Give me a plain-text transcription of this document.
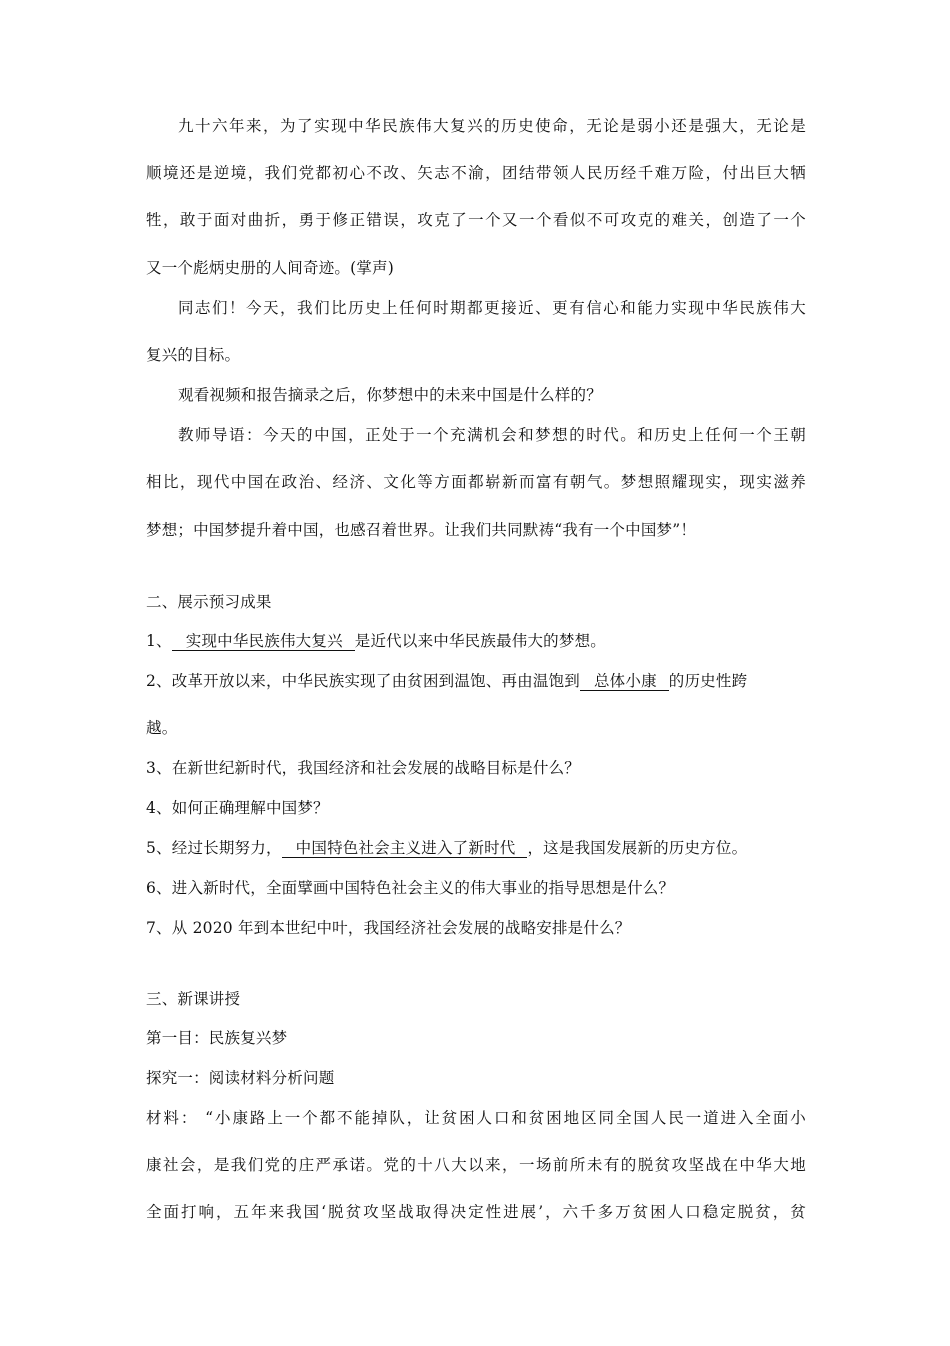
九十六年来，为了实现中华民族伟大复兴的历史使命，无论是弱小还是强大，无论是
顺境还是逆境，我们党都初心不改、矢志不渝，团结带领人民历经千难万险，付出巨大牺
牲，敢于面对曲折，勇于修正错误，攻克了一个又一个看似不可攻克的难关，创造了一个
又一个彪炳史册的人间奇迹。(掌声)
同志们！今天，我们比历史上任何时期都更接近、更有信心和能力实现中华民族伟大
复兴的目标。
观看视频和报告摘录之后，你梦想中的未来中国是什么样的？
教师导语：今天的中国，正处于一个充满机会和梦想的时代。和历史上任何一个王朝
相比，现代中国在政治、经济、文化等方面都崭新而富有朝气。梦想照耀现实，现实滋养
梦想；中国梦提升着中国，也感召着世界。让我们共同默祷“我有一个中国梦”！
二、展示预习成果
1、 实现中华民族伟大复兴 是近代以来中华民族最伟大的梦想。
2、改革开放以来，中华民族实现了由贫困到温饱、再由温饱到 总体小康 的历史性跨
越。
3、在新世纪新时代，我国经济和社会发展的战略目标是什么？
4、如何正确理解中国梦？
5、经过长期努力， 中国特色社会主义进入了新时代 ，这是我国发展新的历史方位。
6、进入新时代，全面擘画中国特色社会主义的伟大事业的指导思想是什么？
7、从 2020 年到本世纪中叶，我国经济社会发展的战略安排是什么？
三、新课讲授
第一目：民族复兴梦
探究一：阅读材料分析问题
材料： “小康路上一个都不能掉队，让贫困人口和贫困地区同全国人民一道进入全面小
康社会，是我们党的庄严承诺。党的十八大以来，一场前所未有的脱贫攻坚战在中华大地
全面打响，五年来我国‘脱贫攻坚战取得决定性进展’，六千多万贫困人口稳定脱贫，贫
